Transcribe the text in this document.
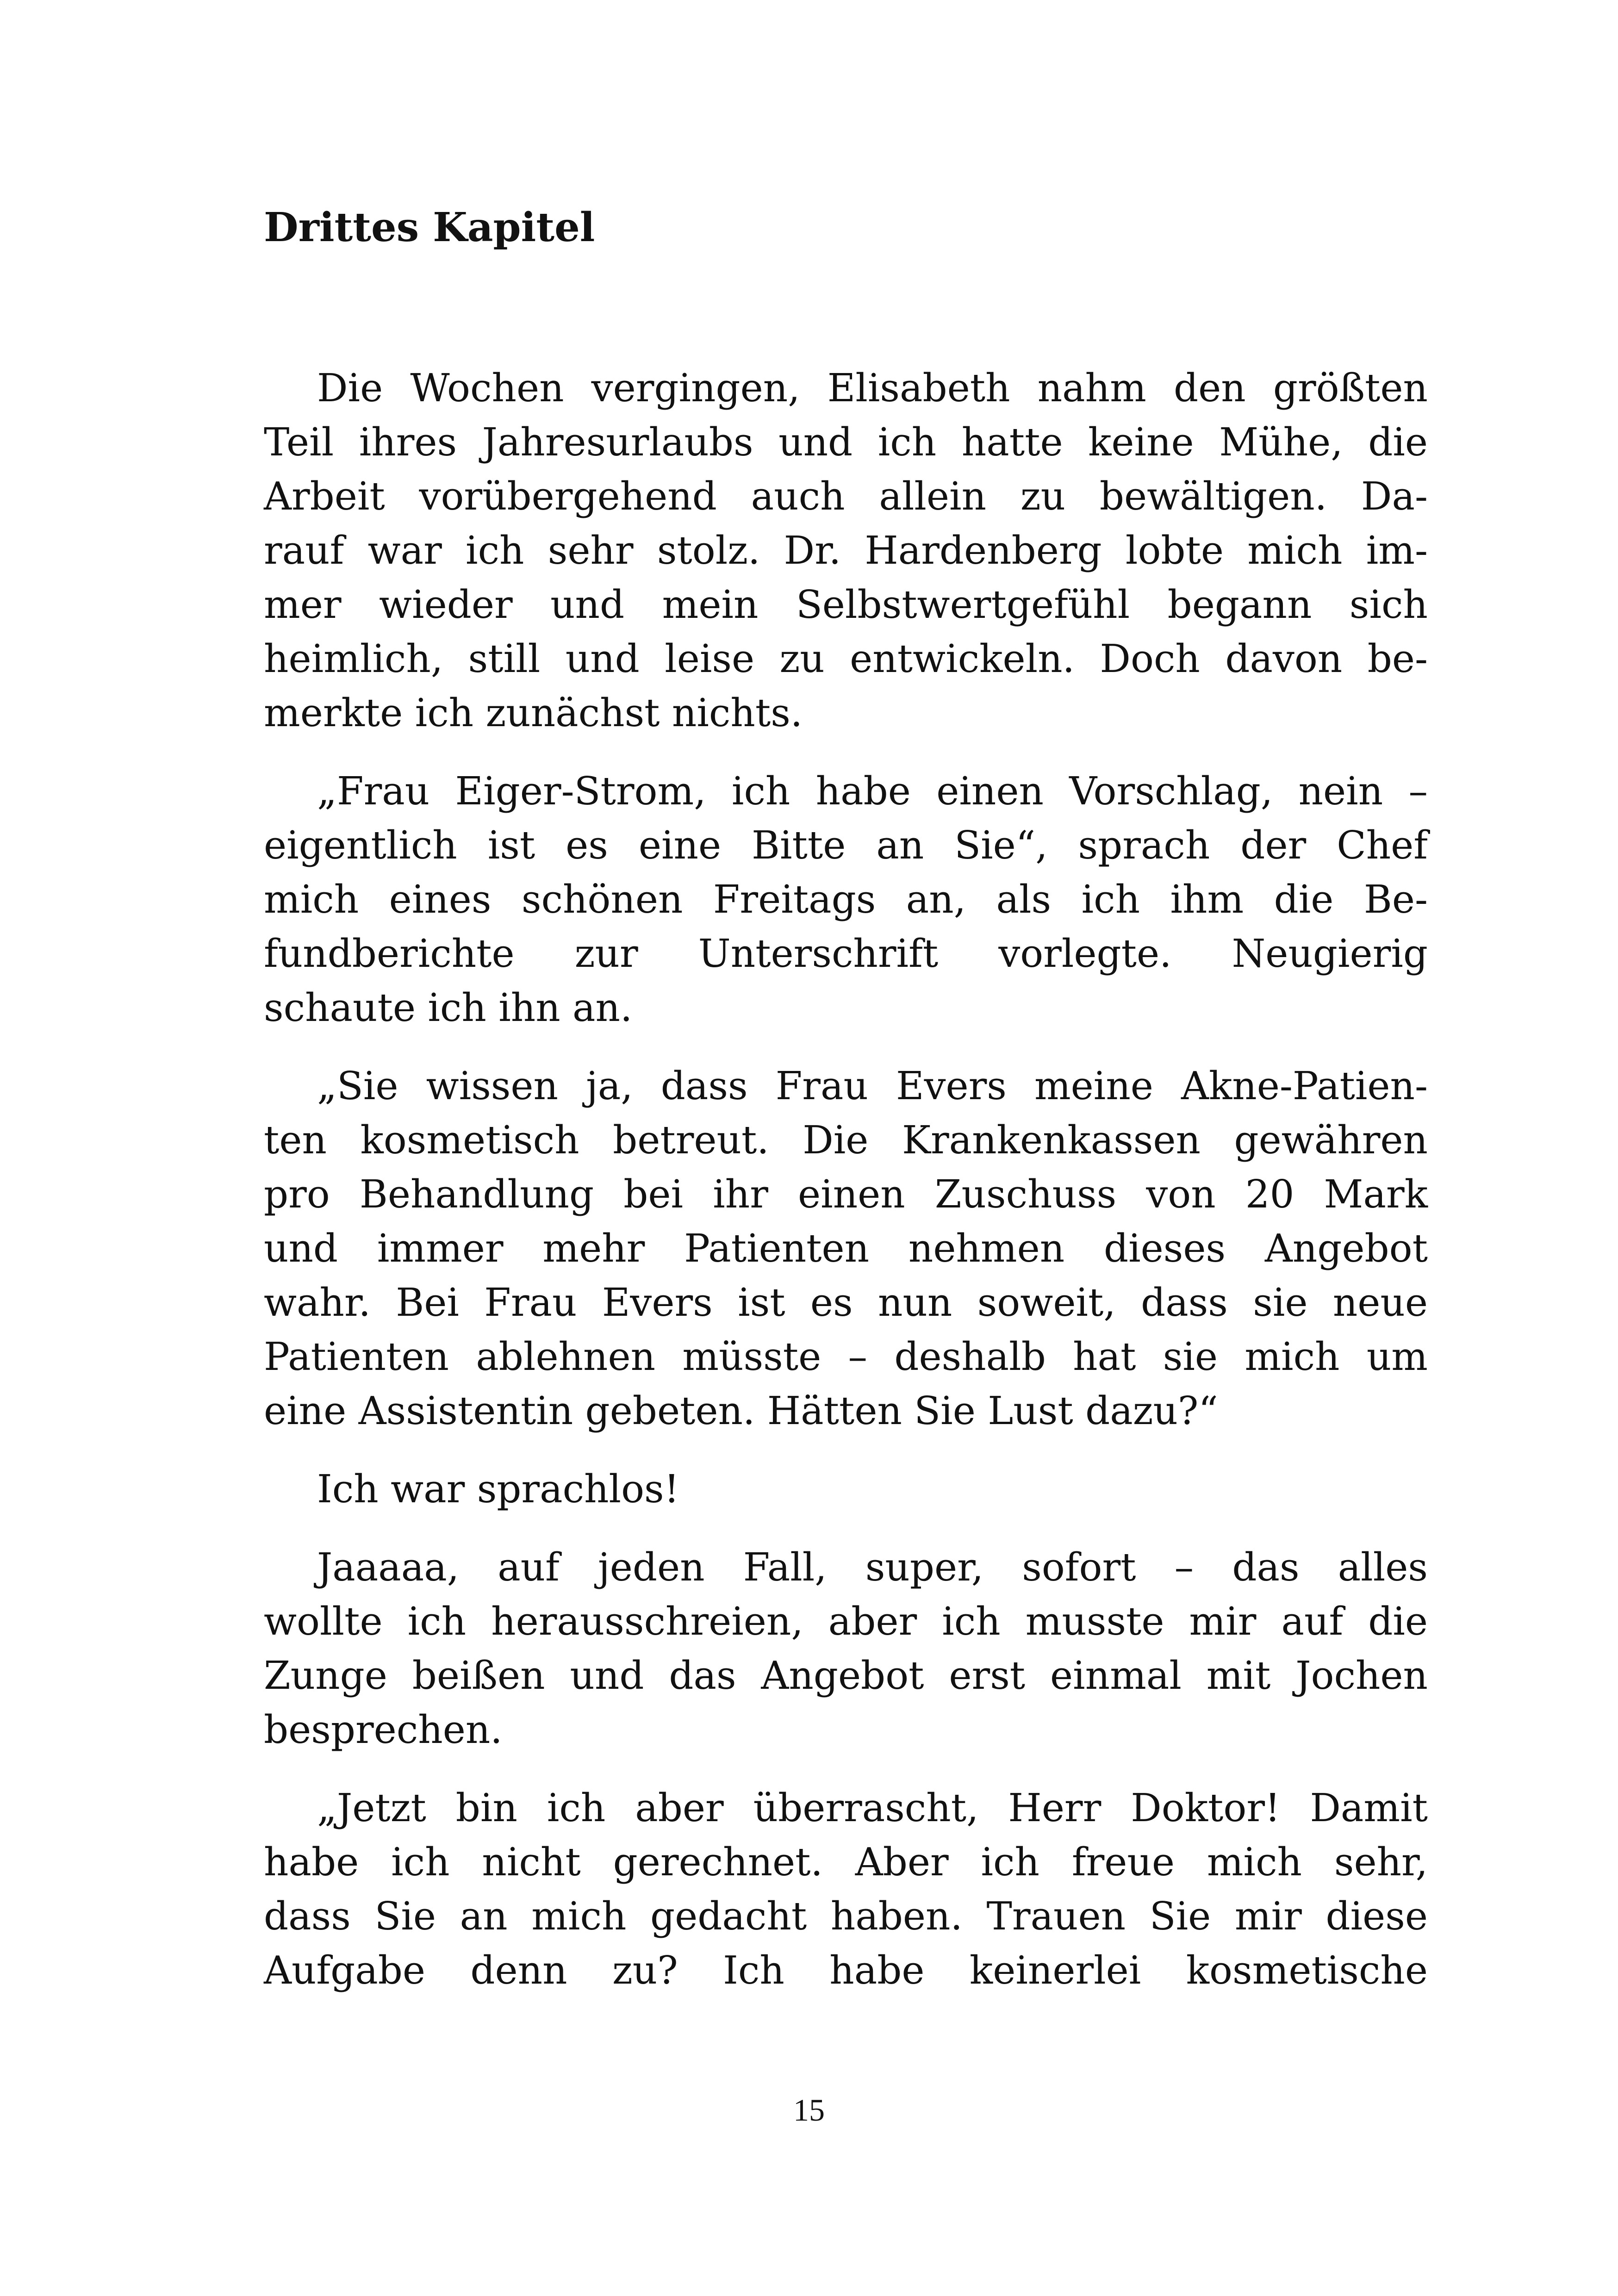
Drittes Kapitel

Die Wochen vergingen, Elisabeth nahm den größten
Teil ihres Jahresurlaubs und ich hatte keine Mühe, die
Arbeit vorübergehend auch allein zu bewältigen. Da-
rauf war ich sehr stolz. Dr. Hardenberg lobte mich im-
mer wieder und mein Selbstwertgefühl begann sich
heimlich, still und leise zu entwickeln. Doch davon be-
merkte ich zunächst nichts.

„Frau Eiger-Strom, ich habe einen Vorschlag, nein –
eigentlich ist es eine Bitte an Sie“, sprach der Chef
mich eines schönen Freitags an, als ich ihm die Be-
fundberichte zur Unterschrift vorlegte. Neugierig
schaute ich ihn an.

„Sie wissen ja, dass Frau Evers meine Akne-Patien-
ten kosmetisch betreut. Die Krankenkassen gewähren
pro Behandlung bei ihr einen Zuschuss von 20 Mark
und immer mehr Patienten nehmen dieses Angebot
wahr. Bei Frau Evers ist es nun soweit, dass sie neue
Patienten ablehnen müsste – deshalb hat sie mich um
eine Assistentin gebeten. Hätten Sie Lust dazu?“

Ich war sprachlos!

Jaaaaa, auf jeden Fall, super, sofort – das alles
wollte ich herausschreien, aber ich musste mir auf die
Zunge beißen und das Angebot erst einmal mit Jochen
besprechen.

„Jetzt bin ich aber überrascht, Herr Doktor! Damit
habe ich nicht gerechnet. Aber ich freue mich sehr,
dass Sie an mich gedacht haben. Trauen Sie mir diese
Aufgabe denn zu? Ich habe keinerlei kosmetische

15
